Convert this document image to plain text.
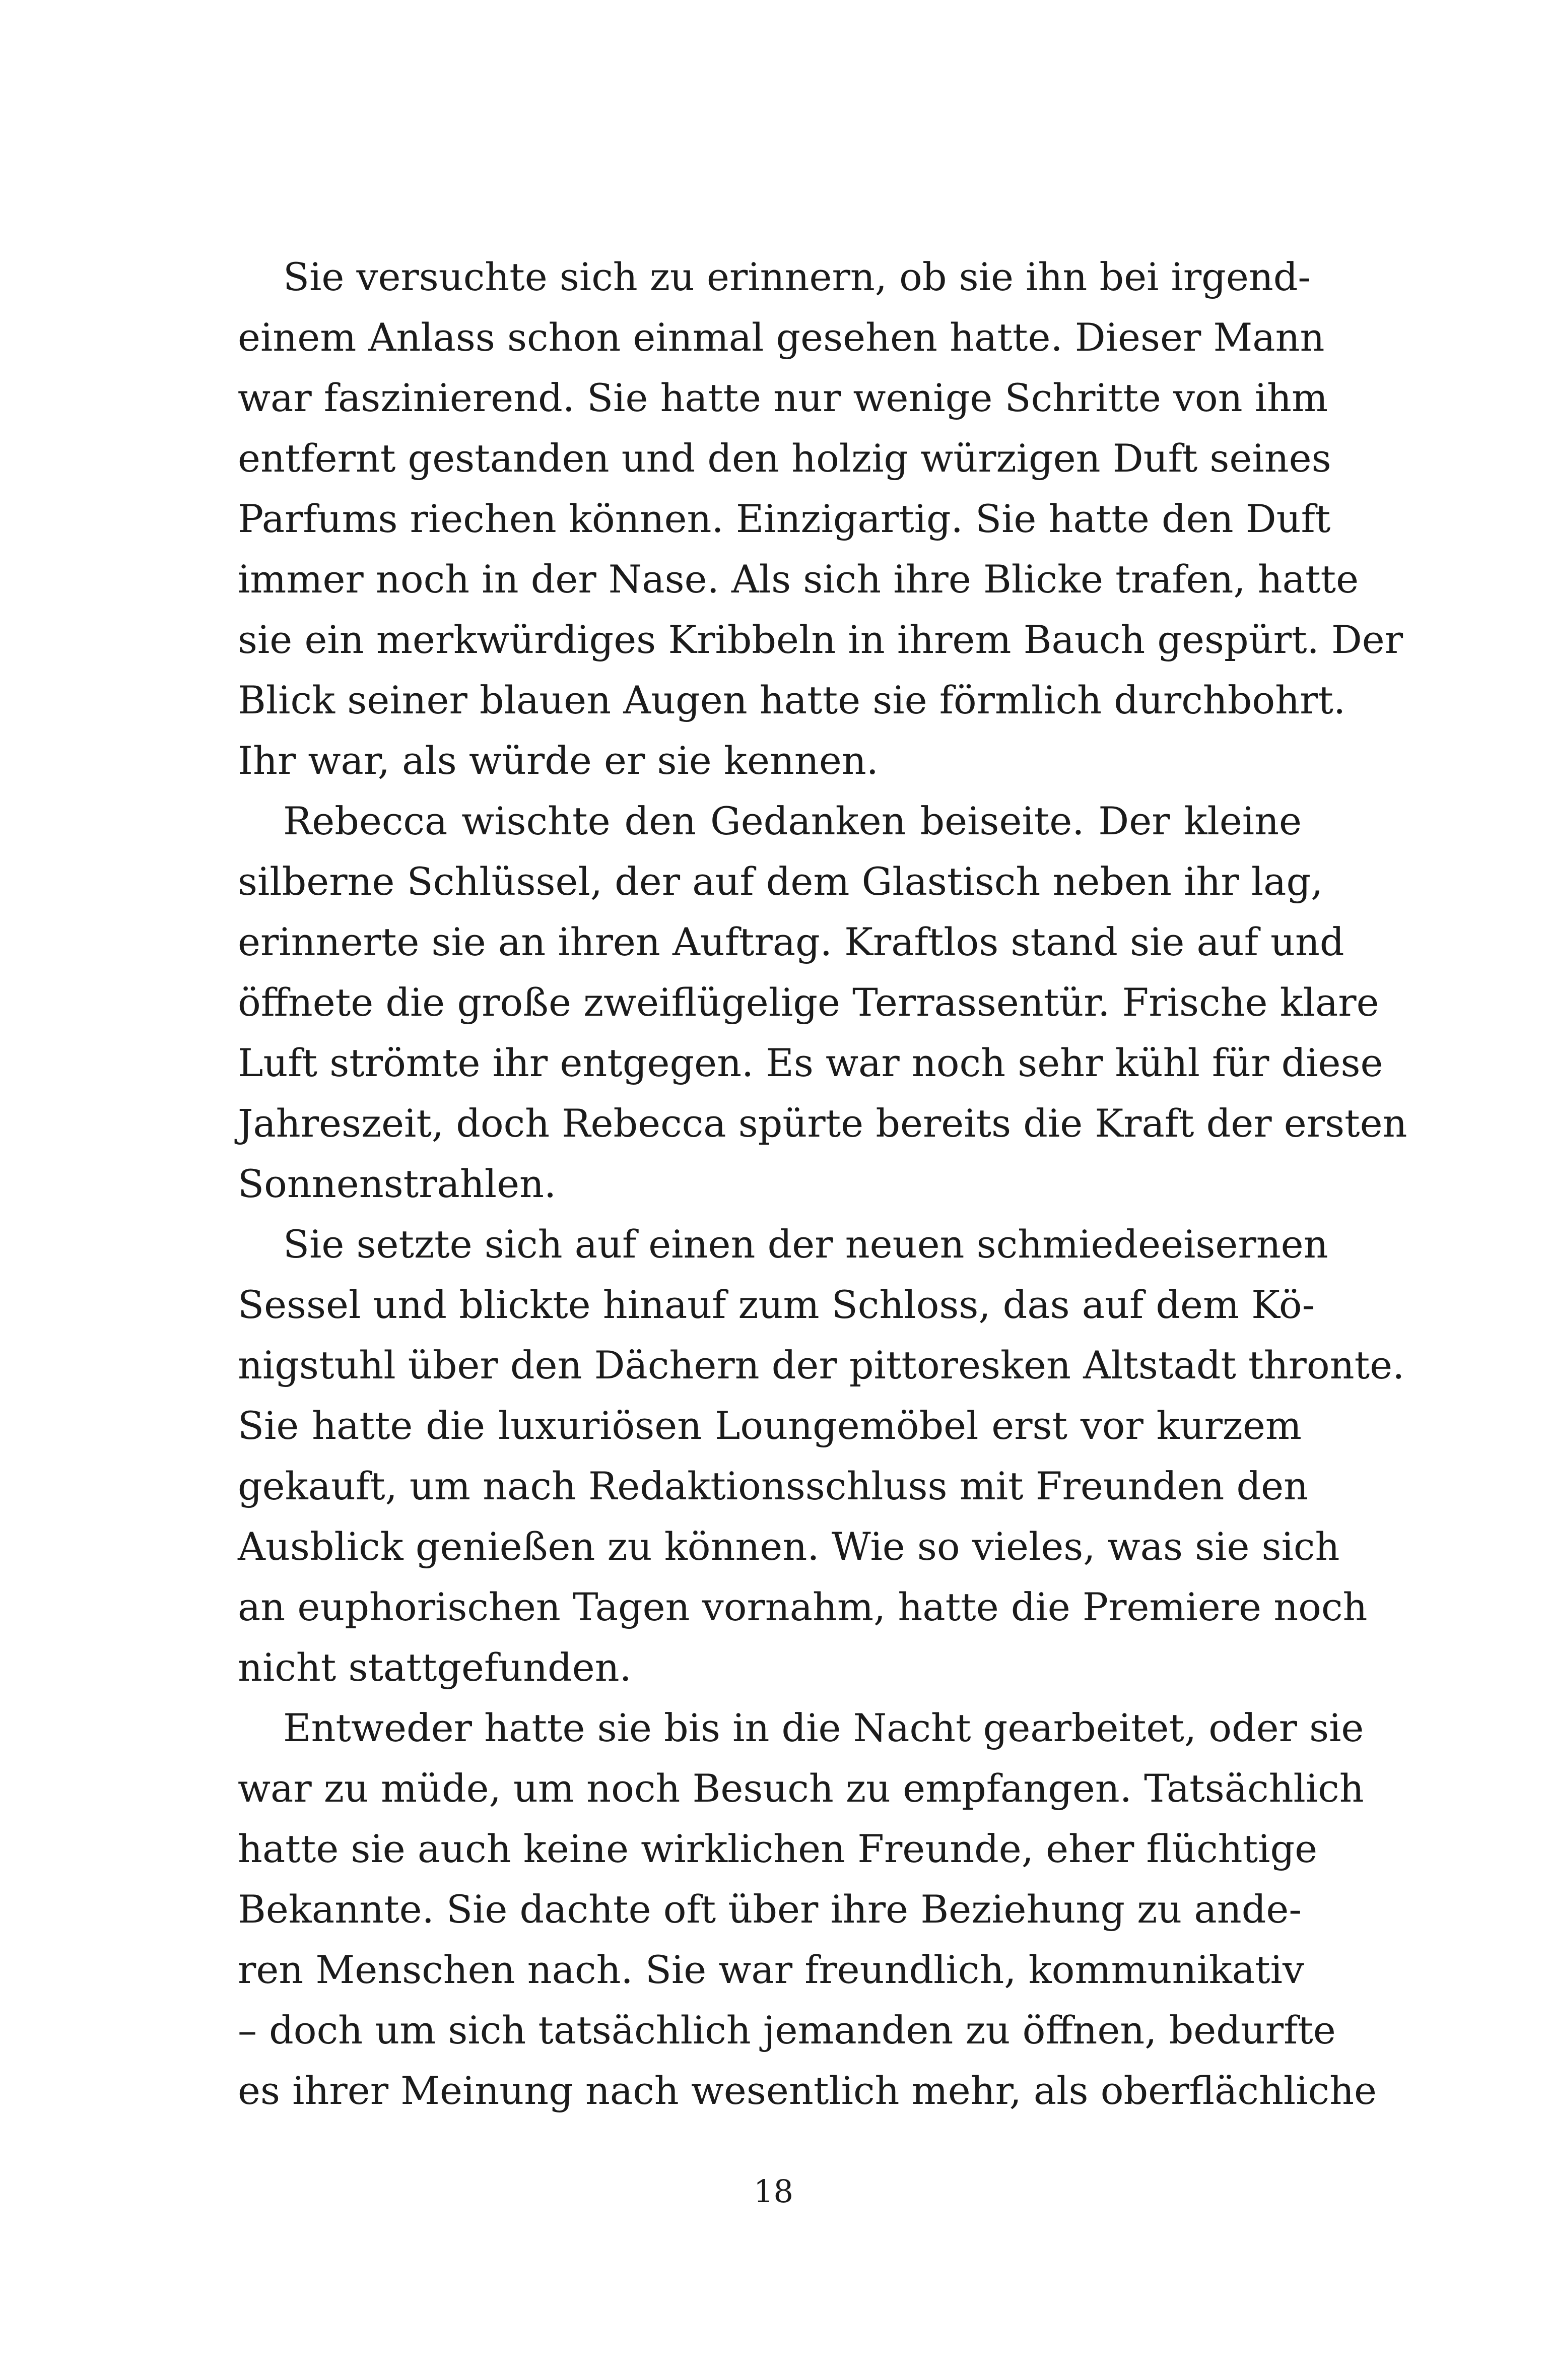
Sie versuchte sich zu erinnern, ob sie ihn bei irgend-
einem Anlass schon einmal gesehen hatte. Dieser Mann
war faszinierend. Sie hatte nur wenige Schritte von ihm
entfernt gestanden und den holzig würzigen Duft seines
Parfums riechen können. Einzigartig. Sie hatte den Duft
immer noch in der Nase. Als sich ihre Blicke trafen, hatte
sie ein merkwürdiges Kribbeln in ihrem Bauch gespürt. Der
Blick seiner blauen Augen hatte sie förmlich durchbohrt.
Ihr war, als würde er sie kennen.
Rebecca wischte den Gedanken beiseite. Der kleine
silberne Schlüssel, der auf dem Glastisch neben ihr lag,
erinnerte sie an ihren Auftrag. Kraftlos stand sie auf und
öffnete die große zweiflügelige Terrassentür. Frische klare
Luft strömte ihr entgegen. Es war noch sehr kühl für diese
Jahreszeit, doch Rebecca spürte bereits die Kraft der ersten
Sonnenstrahlen.
Sie setzte sich auf einen der neuen schmiedeeisernen
Sessel und blickte hinauf zum Schloss, das auf dem Kö-
nigstuhl über den Dächern der pittoresken Altstadt thronte.
Sie hatte die luxuriösen Loungemöbel erst vor kurzem
gekauft, um nach Redaktionsschluss mit Freunden den
Ausblick genießen zu können. Wie so vieles, was sie sich
an euphorischen Tagen vornahm, hatte die Premiere noch
nicht stattgefunden.
Entweder hatte sie bis in die Nacht gearbeitet, oder sie
war zu müde, um noch Besuch zu empfangen. Tatsächlich
hatte sie auch keine wirklichen Freunde, eher flüchtige
Bekannte. Sie dachte oft über ihre Beziehung zu ande-
ren Menschen nach. Sie war freundlich, kommunikativ
– doch um sich tatsächlich jemanden zu öffnen, bedurfte
es ihrer Meinung nach wesentlich mehr, als oberflächliche
18
